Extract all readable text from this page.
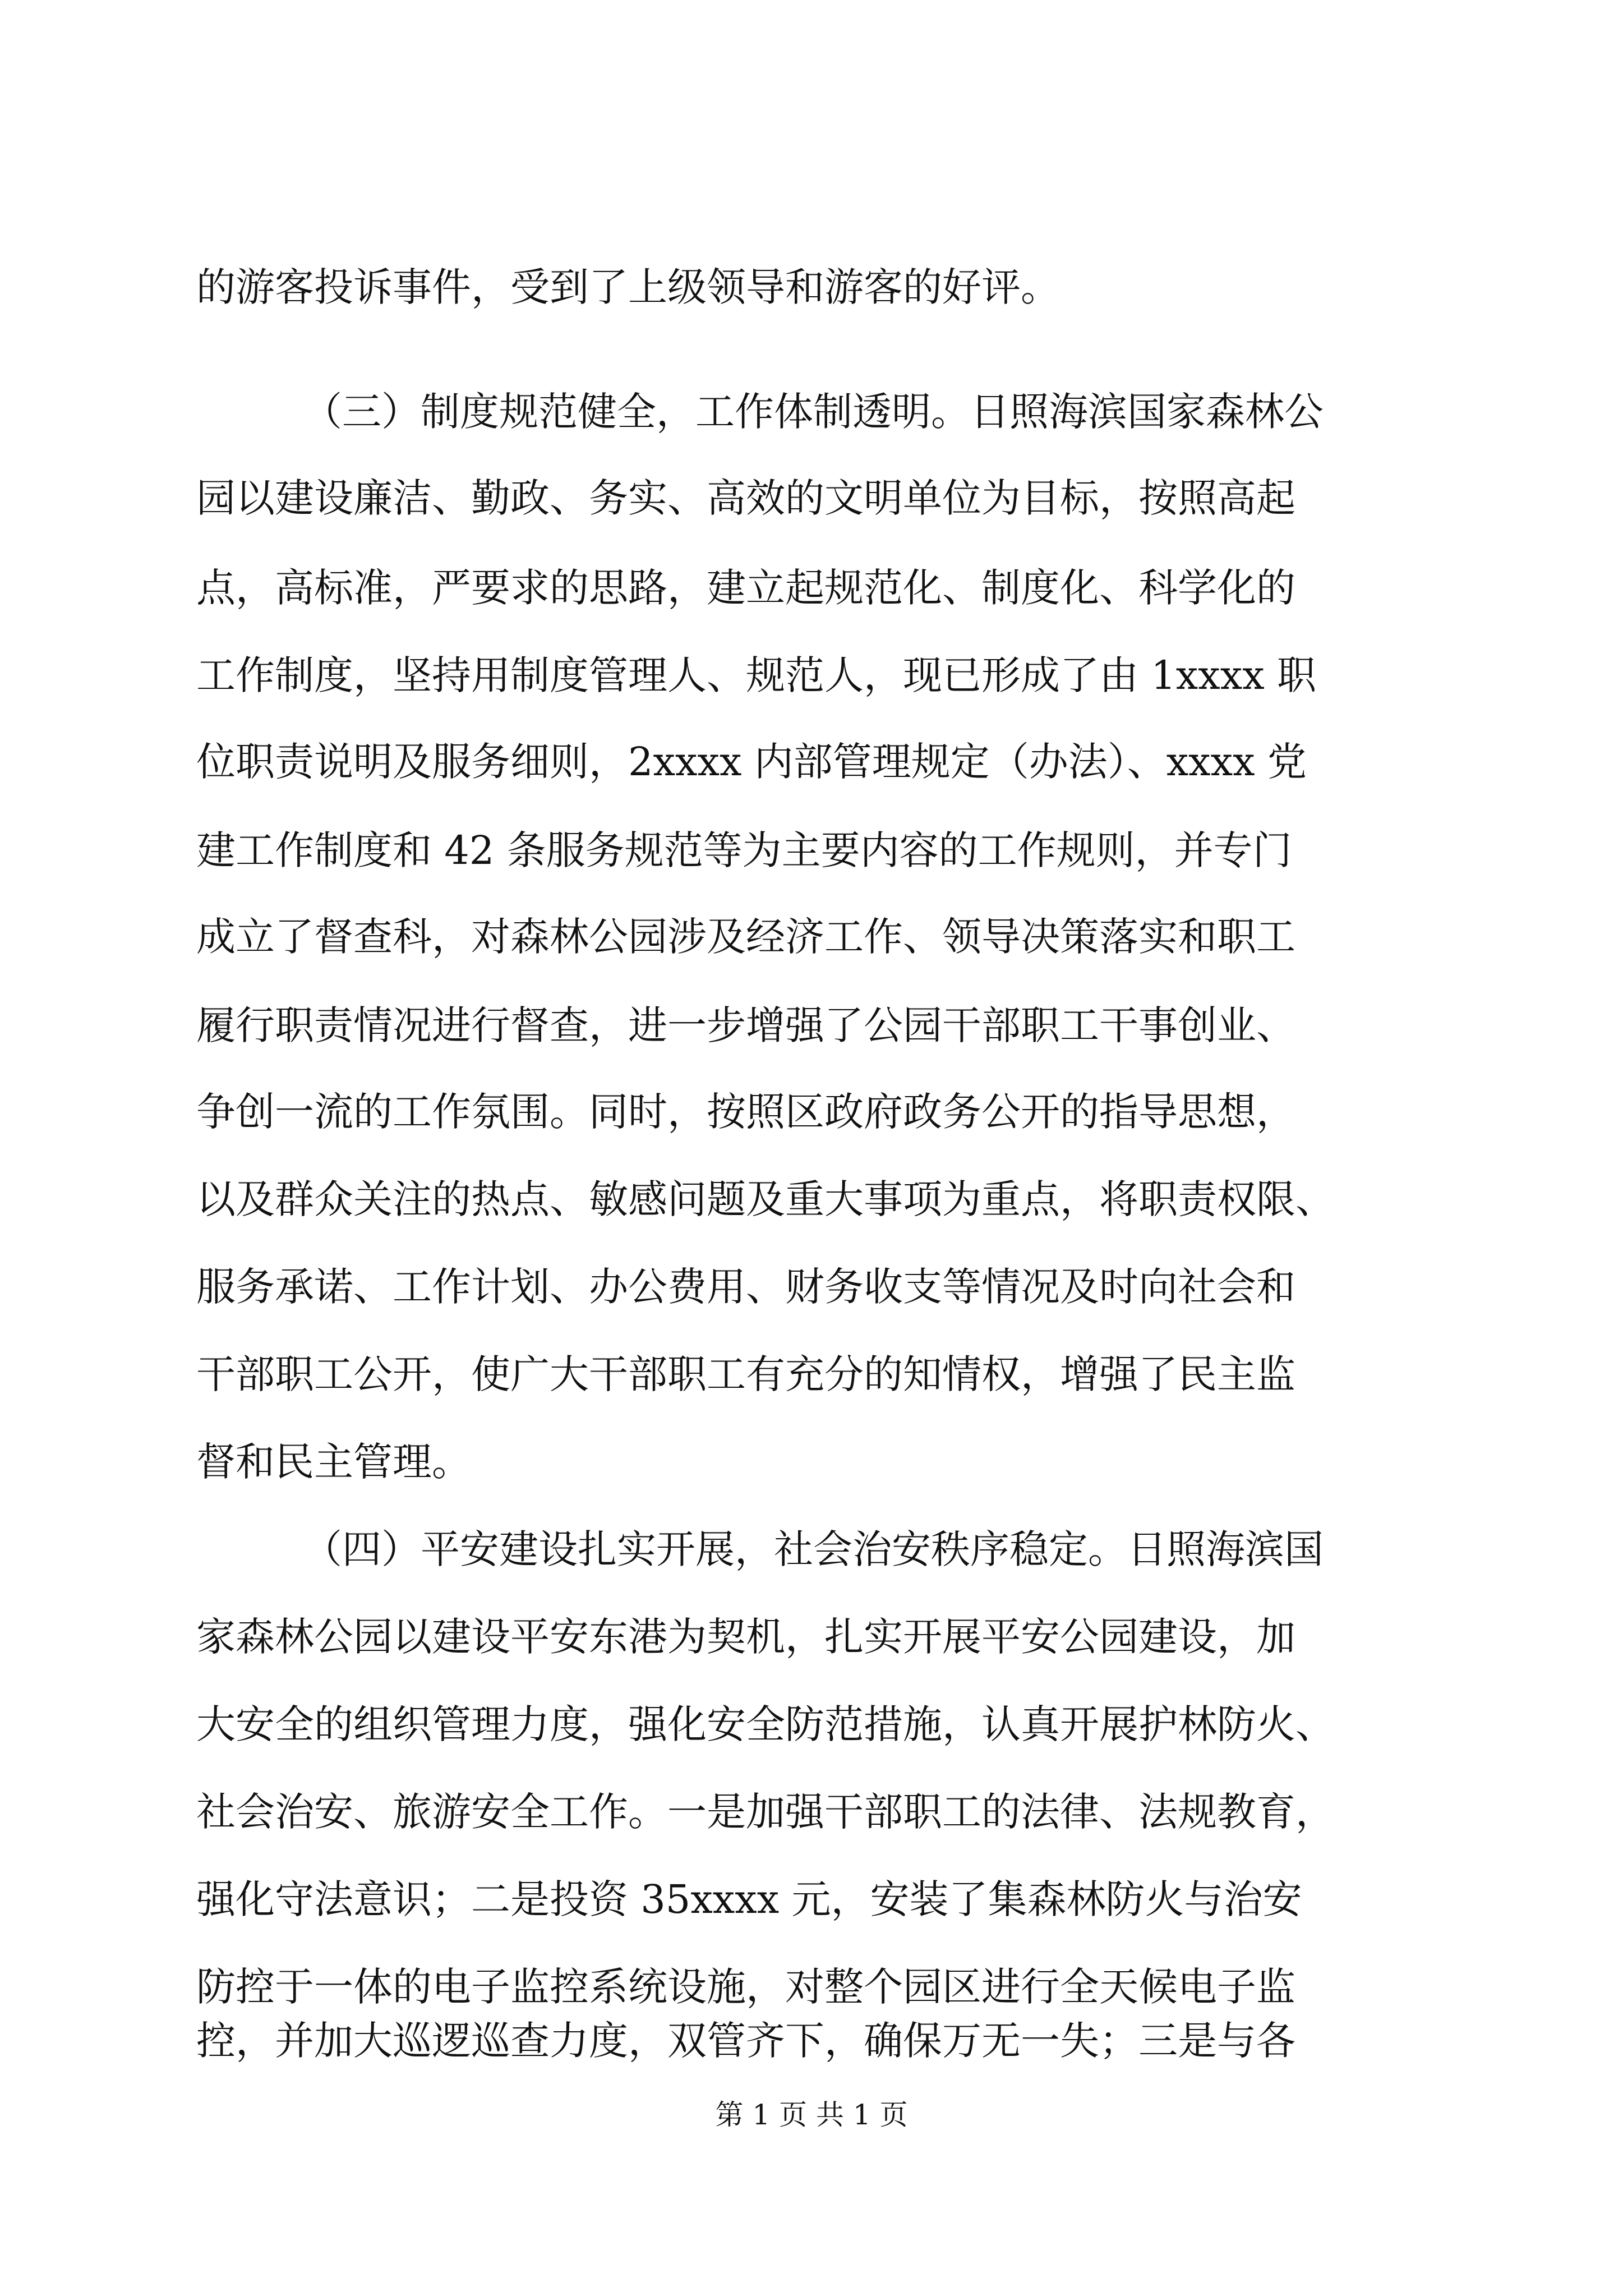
的游客投诉事件，受到了上级领导和游客的好评。
（三）制度规范健全，工作体制透明。日照海滨国家森林公
园以建设廉洁、勤政、务实、高效的文明单位为目标，按照高起
点，高标准，严要求的思路，建立起规范化、制度化、科学化的
工作制度，坚持用制度管理人、规范人，现已形成了由 1xxxx 职
位职责说明及服务细则，2xxxx 内部管理规定（办法）、xxxx 党
建工作制度和 42 条服务规范等为主要内容的工作规则，并专门
成立了督查科，对森林公园涉及经济工作、领导决策落实和职工
履行职责情况进行督查，进一步增强了公园干部职工干事创业、
争创一流的工作氛围。同时，按照区政府政务公开的指导思想，
以及群众关注的热点、敏感问题及重大事项为重点，将职责权限、
服务承诺、工作计划、办公费用、财务收支等情况及时向社会和
干部职工公开，使广大干部职工有充分的知情权，增强了民主监
督和民主管理。
（四）平安建设扎实开展，社会治安秩序稳定。日照海滨国
家森林公园以建设平安东港为契机，扎实开展平安公园建设，加
大安全的组织管理力度，强化安全防范措施，认真开展护林防火、
社会治安、旅游安全工作。一是加强干部职工的法律、法规教育，
强化守法意识；二是投资 35xxxx 元，安装了集森林防火与治安
防控于一体的电子监控系统设施，对整个园区进行全天候电子监
控，并加大巡逻巡查力度，双管齐下，确保万无一失；三是与各
第 1 页 共 1 页
